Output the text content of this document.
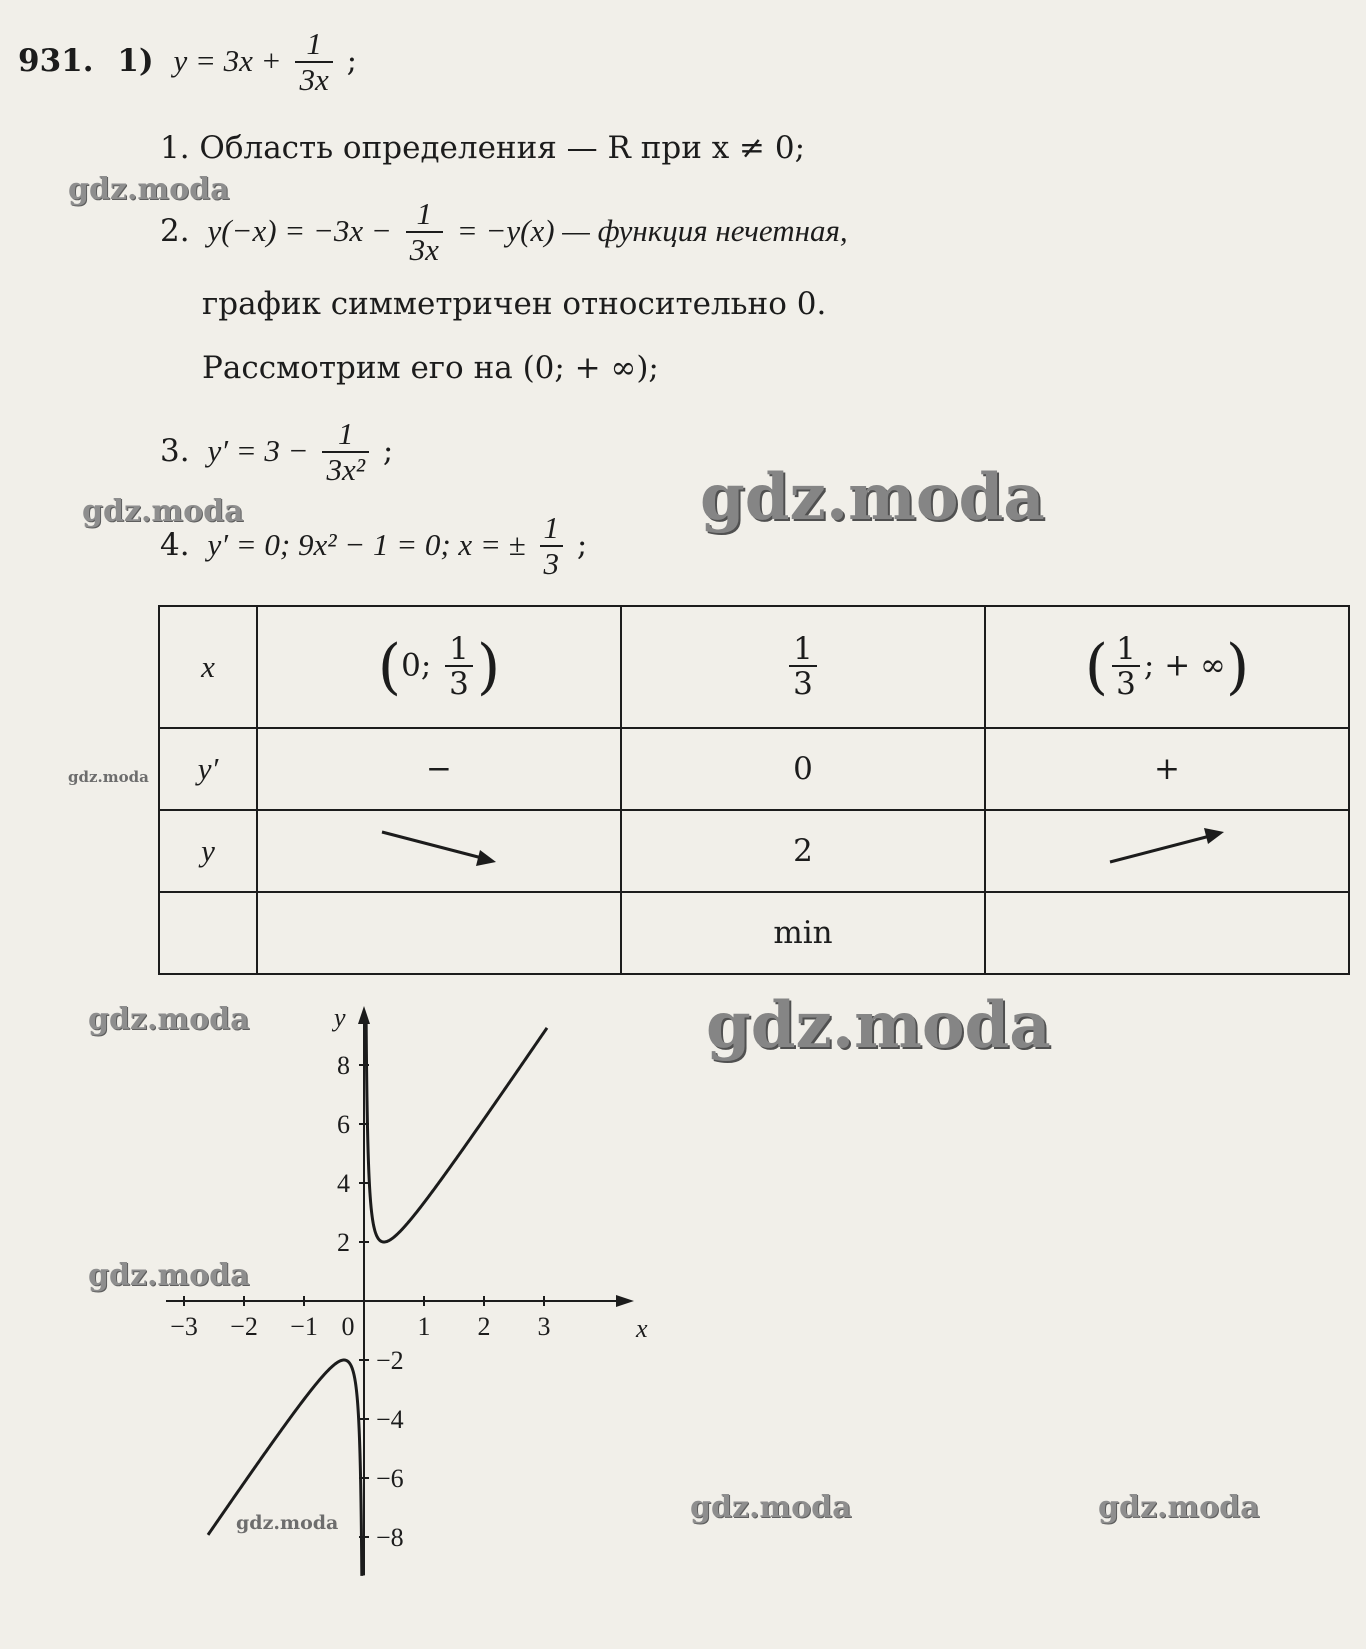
931. 1) $y = 3x + \frac{1}{3x}$ ;
1. Область определения — R при x ≠ 0;
2. $y(-x) = -3x - \frac{1}{3x} = -y(x)$ — функция нечетная,
график симметричен относительно 0.
Рассмотрим его на (0; + ∞);
3. $y' = 3 - \frac{1}{\text{3x²}}$ ;
4. y′ = 0; 9x² − 1 = 0; x = ± $\frac{1}{3}$ ;
x	(0; $\frac{1}{3}$ )	$\frac{1}{3}$	( $\frac{1}{3}$ ; + ∞)
y′	−	0	+
y		2	
		min	
x
y
−3 −2 −1 0 1 2 3
8
6
4
2
−2
−4
−6
−8
gdz.moda
gdz.moda	gdz.moda
gdz.moda
gdz.moda	gdz.moda
gdz.moda
gdz.moda	gdz.moda	gdz.moda
